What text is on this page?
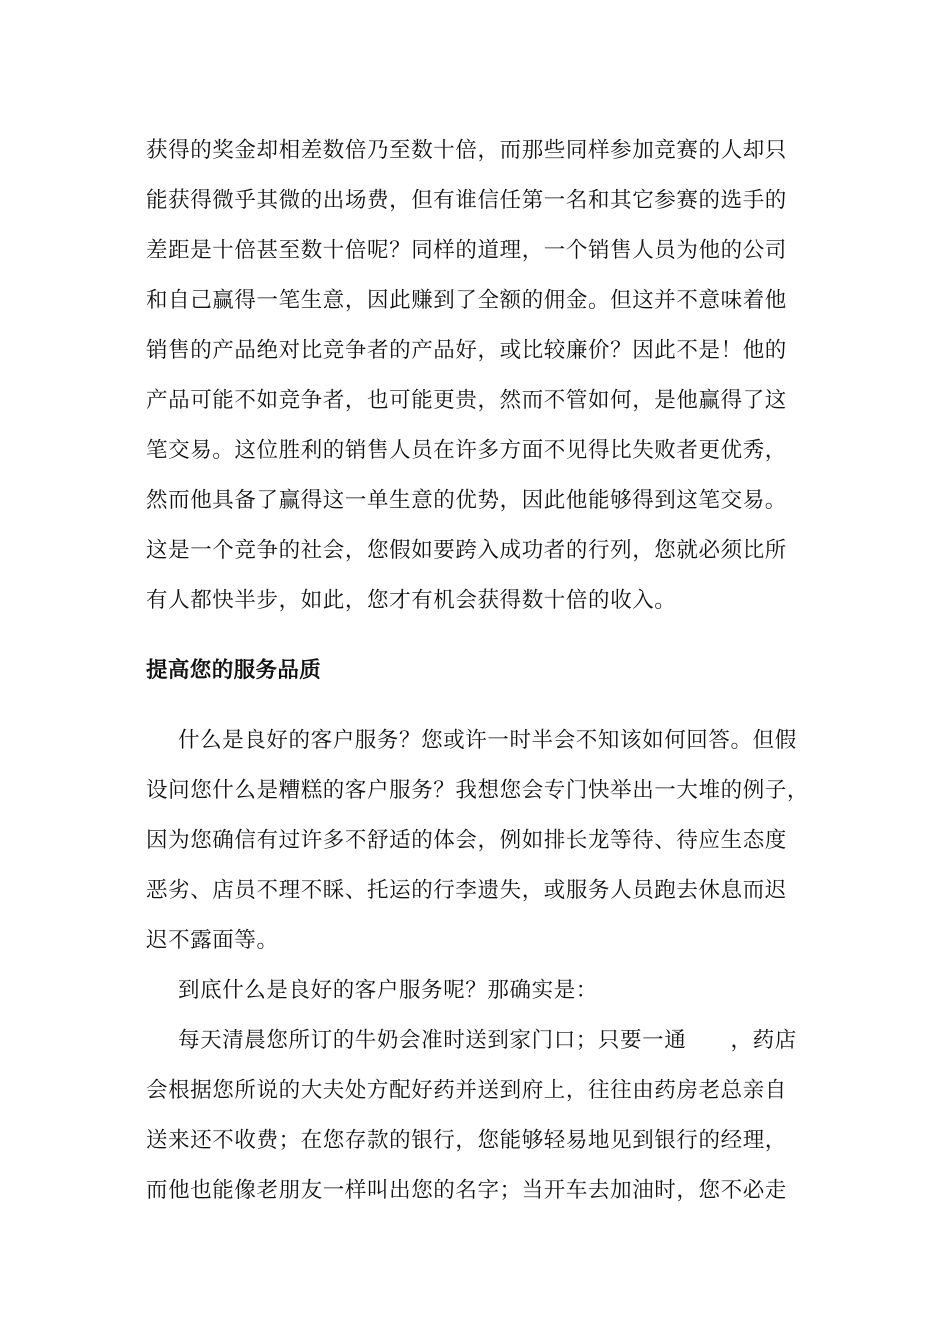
获得的奖金却相差数倍乃至数十倍，而那些同样参加竞赛的人却只
能获得微乎其微的出场费，但有谁信任第一名和其它参赛的选手的
差距是十倍甚至数十倍呢？同样的道理，一个销售人员为他的公司
和自己赢得一笔生意，因此赚到了全额的佣金。但这并不意味着他
销售的产品绝对比竞争者的产品好，或比较廉价？因此不是！他的
产品可能不如竞争者，也可能更贵，然而不管如何，是他赢得了这
笔交易。这位胜利的销售人员在许多方面不见得比失败者更优秀，
然而他具备了赢得这一单生意的优势，因此他能够得到这笔交易。
这是一个竞争的社会，您假如要跨入成功者的行列，您就必须比所
有人都快半步，如此，您才有机会获得数十倍的收入。
提高您的服务品质
什么是良好的客户服务？您或许一时半会不知该如何回答。但假
设问您什么是糟糕的客户服务？我想您会专门快举出一大堆的例子，
因为您确信有过许多不舒适的体会，例如排长龙等待、待应生态度
恶劣、店员不理不睬、托运的行李遗失，或服务人员跑去休息而迟
迟不露面等。
到底什么是良好的客户服务呢？那确实是：
每天清晨您所订的牛奶会准时送到家门口；只要一通　　，药店
会根据您所说的大夫处方配好药并送到府上，往往由药房老总亲自
送来还不收费；在您存款的银行，您能够轻易地见到银行的经理，
而他也能像老朋友一样叫出您的名字；当开车去加油时，您不必走
